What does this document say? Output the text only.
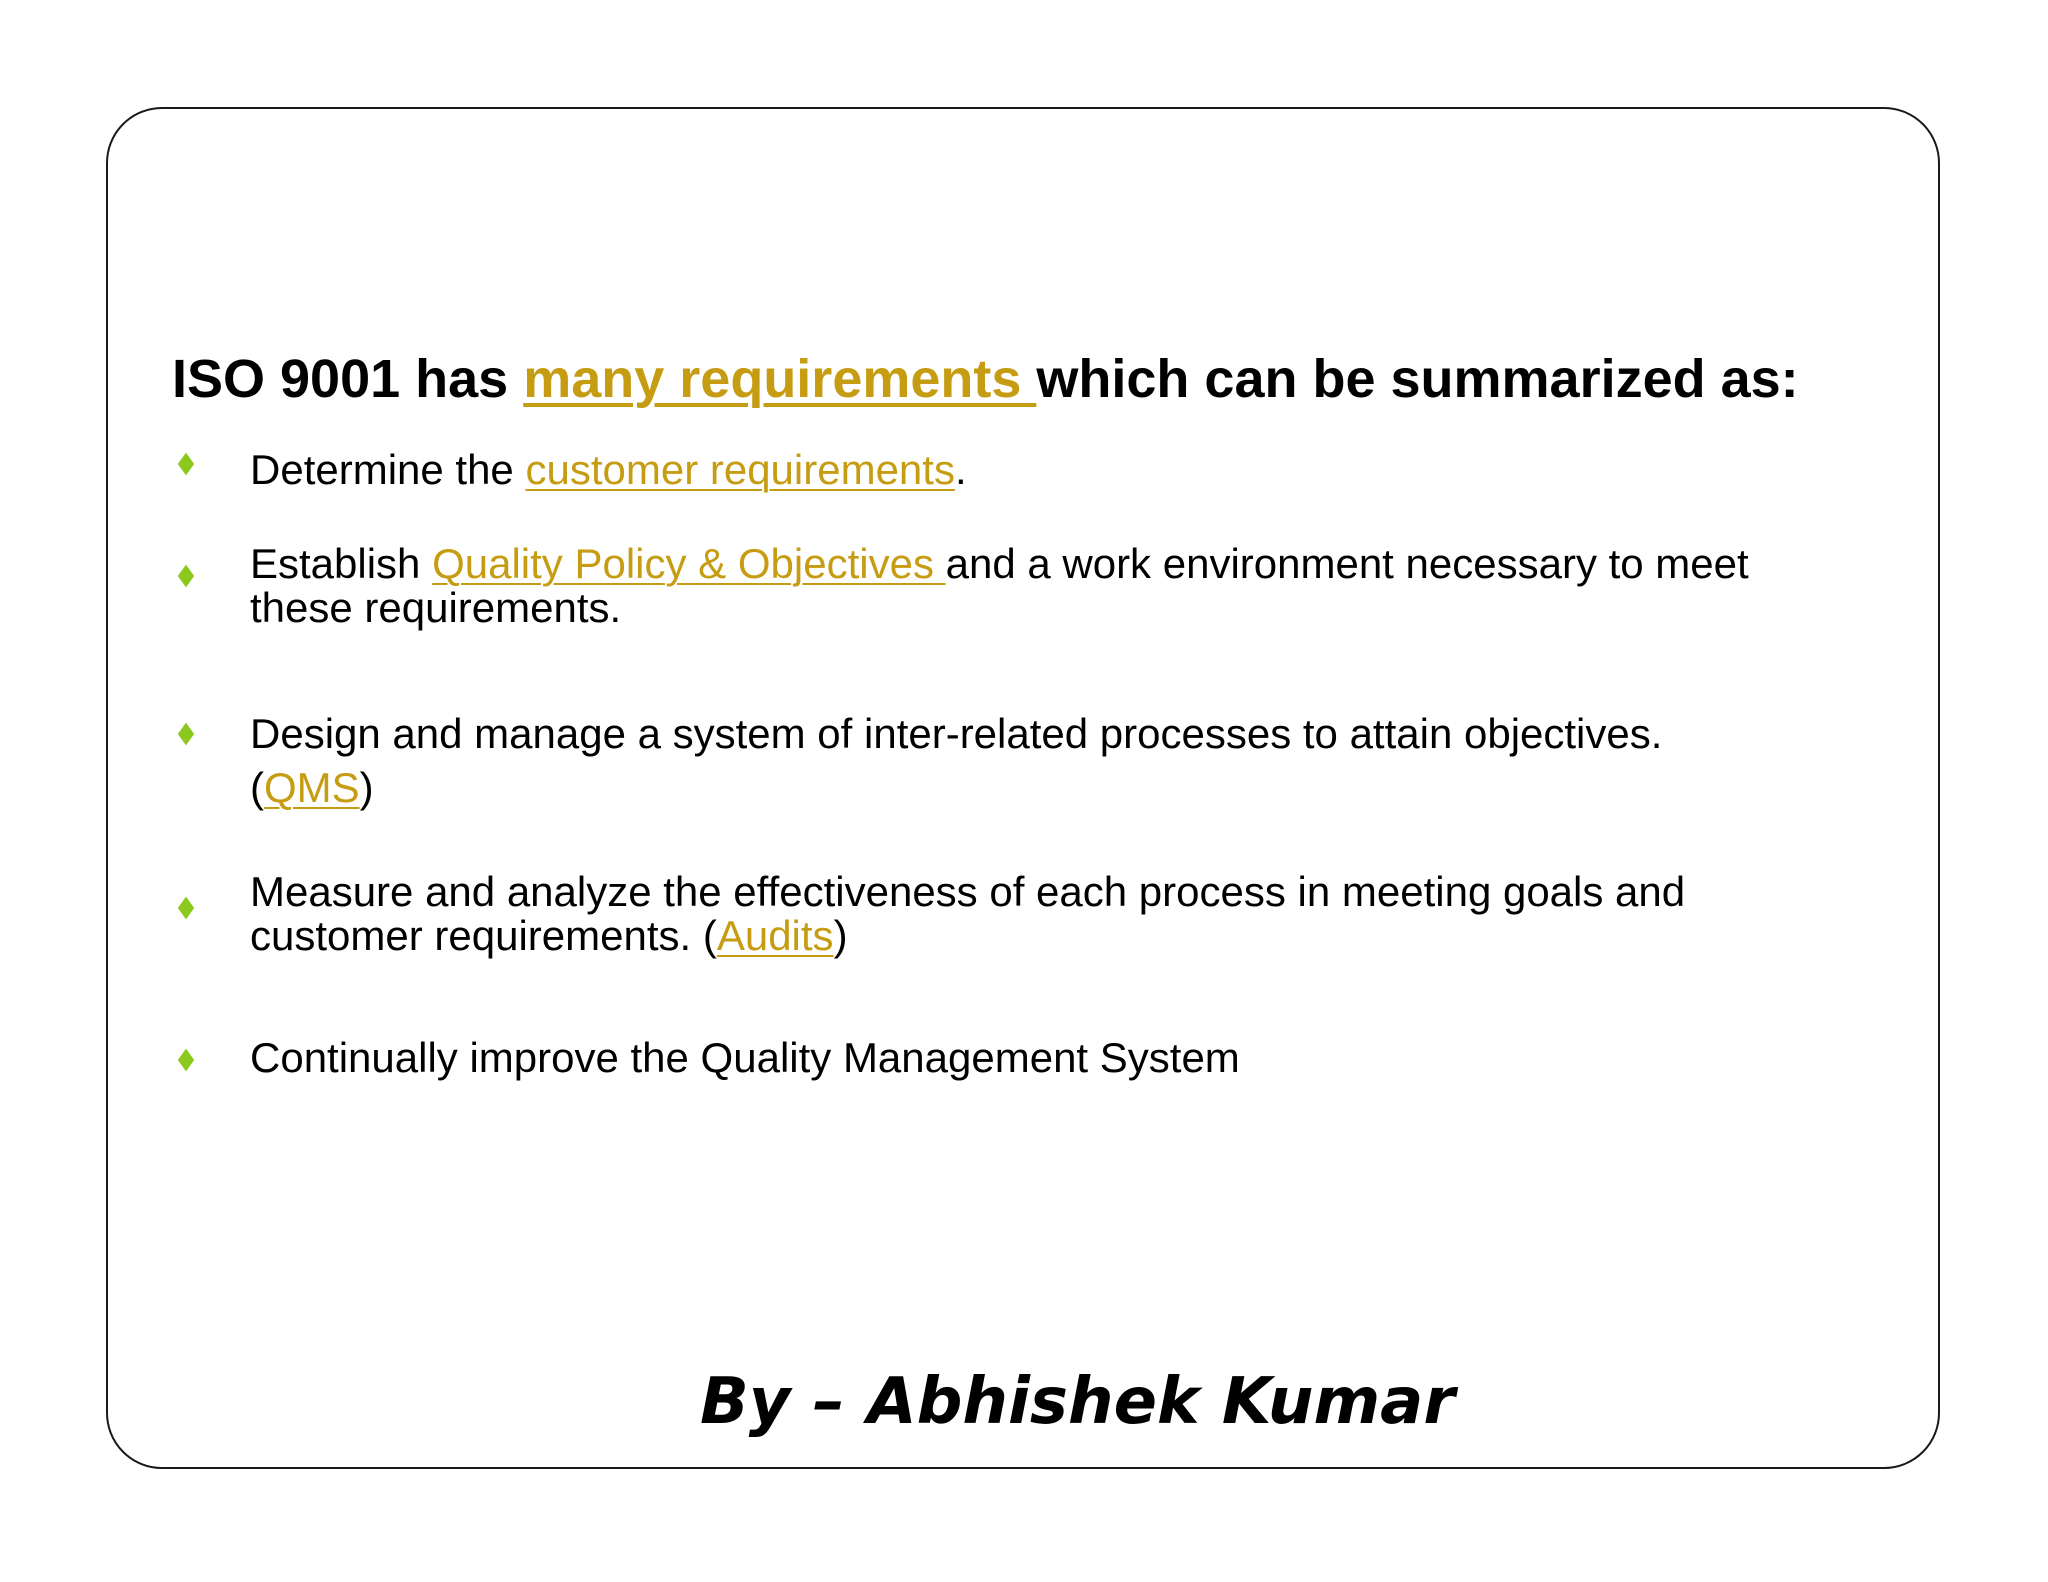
ISO 9001 has many requirements which can be summarized as:
Determine the customer requirements.
Establish Quality Policy & Objectives and a work environment necessary to meet
these requirements.
Design and manage a system of inter-related processes to attain objectives.
(QMS)
Measure and analyze the effectiveness of each process in meeting goals and
customer requirements. (Audits)
Continually improve the Quality Management System
By – Abhishek Kumar
